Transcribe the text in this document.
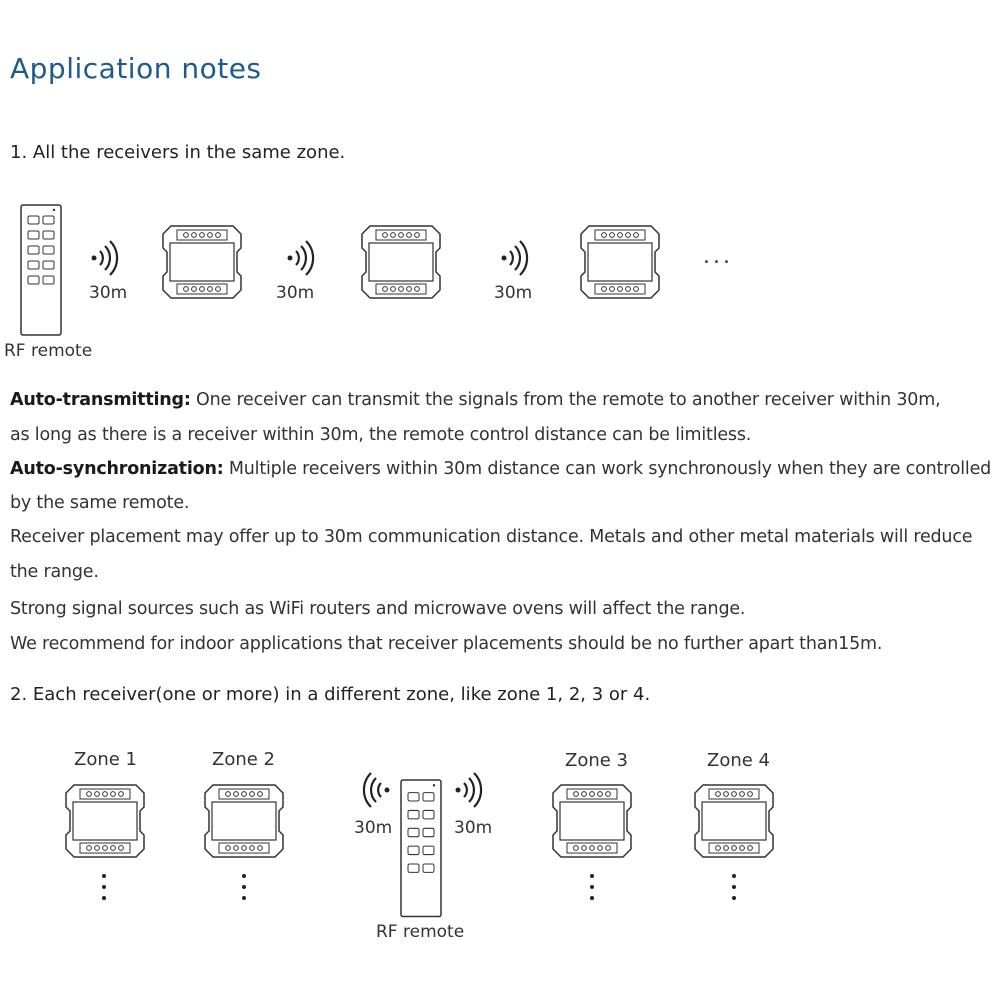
Application notes
1. All the receivers in the same zone.
RF remote
30m	30m	30m
...
Auto-transmitting: One receiver can transmit the signals from the remote to another receiver within 30m,
as long as there is a receiver within 30m, the remote control distance can be limitless.
Auto-synchronization: Multiple receivers within 30m distance can work synchronously when they are controlled
by the same remote.
Receiver placement may offer up to 30m communication distance. Metals and other metal materials will reduce
the range.
Strong signal sources such as WiFi routers and microwave ovens will affect the range.
We recommend for indoor applications that receiver placements should be no further apart than15m.
2. Each receiver(one or more) in a different zone, like zone 1, 2, 3 or 4.
Zone 1	Zone 2	Zone 3	Zone 4
30m	30m
RF remote
